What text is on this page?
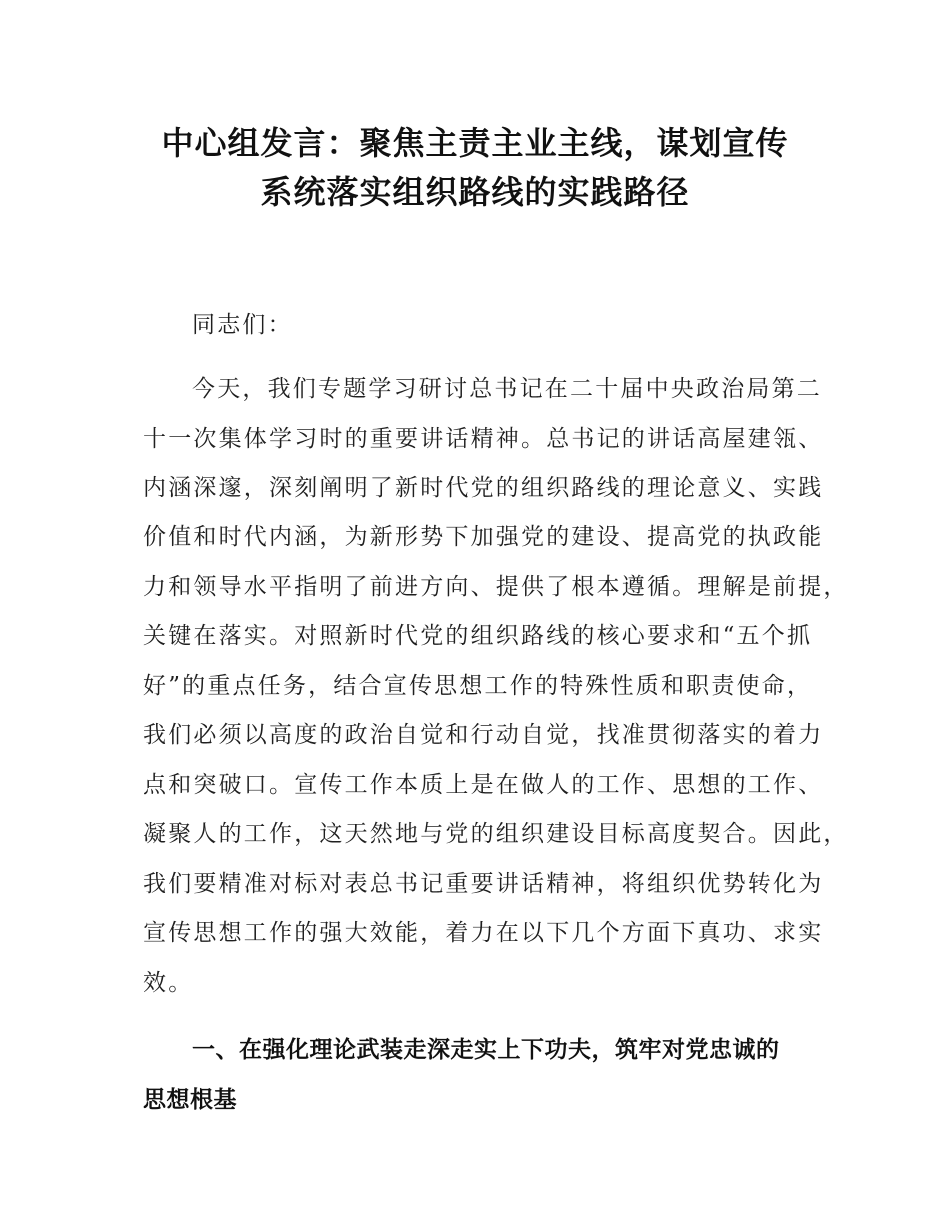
中心组发言：聚焦主责主业主线，谋划宣传
系统落实组织路线的实践路径
同志们：
今天，我们专题学习研讨总书记在二十届中央政治局第二
十一次集体学习时的重要讲话精神。总书记的讲话高屋建瓴、
内涵深邃，深刻阐明了新时代党的组织路线的理论意义、实践
价值和时代内涵，为新形势下加强党的建设、提高党的执政能
力和领导水平指明了前进方向、提供了根本遵循。理解是前提，
关键在落实。对照新时代党的组织路线的核心要求和“五个抓
好”的重点任务，结合宣传思想工作的特殊性质和职责使命，
我们必须以高度的政治自觉和行动自觉，找准贯彻落实的着力
点和突破口。宣传工作本质上是在做人的工作、思想的工作、
凝聚人的工作，这天然地与党的组织建设目标高度契合。因此，
我们要精准对标对表总书记重要讲话精神，将组织优势转化为
宣传思想工作的强大效能，着力在以下几个方面下真功、求实
效。
一、在强化理论武装走深走实上下功夫，筑牢对党忠诚的
思想根基
